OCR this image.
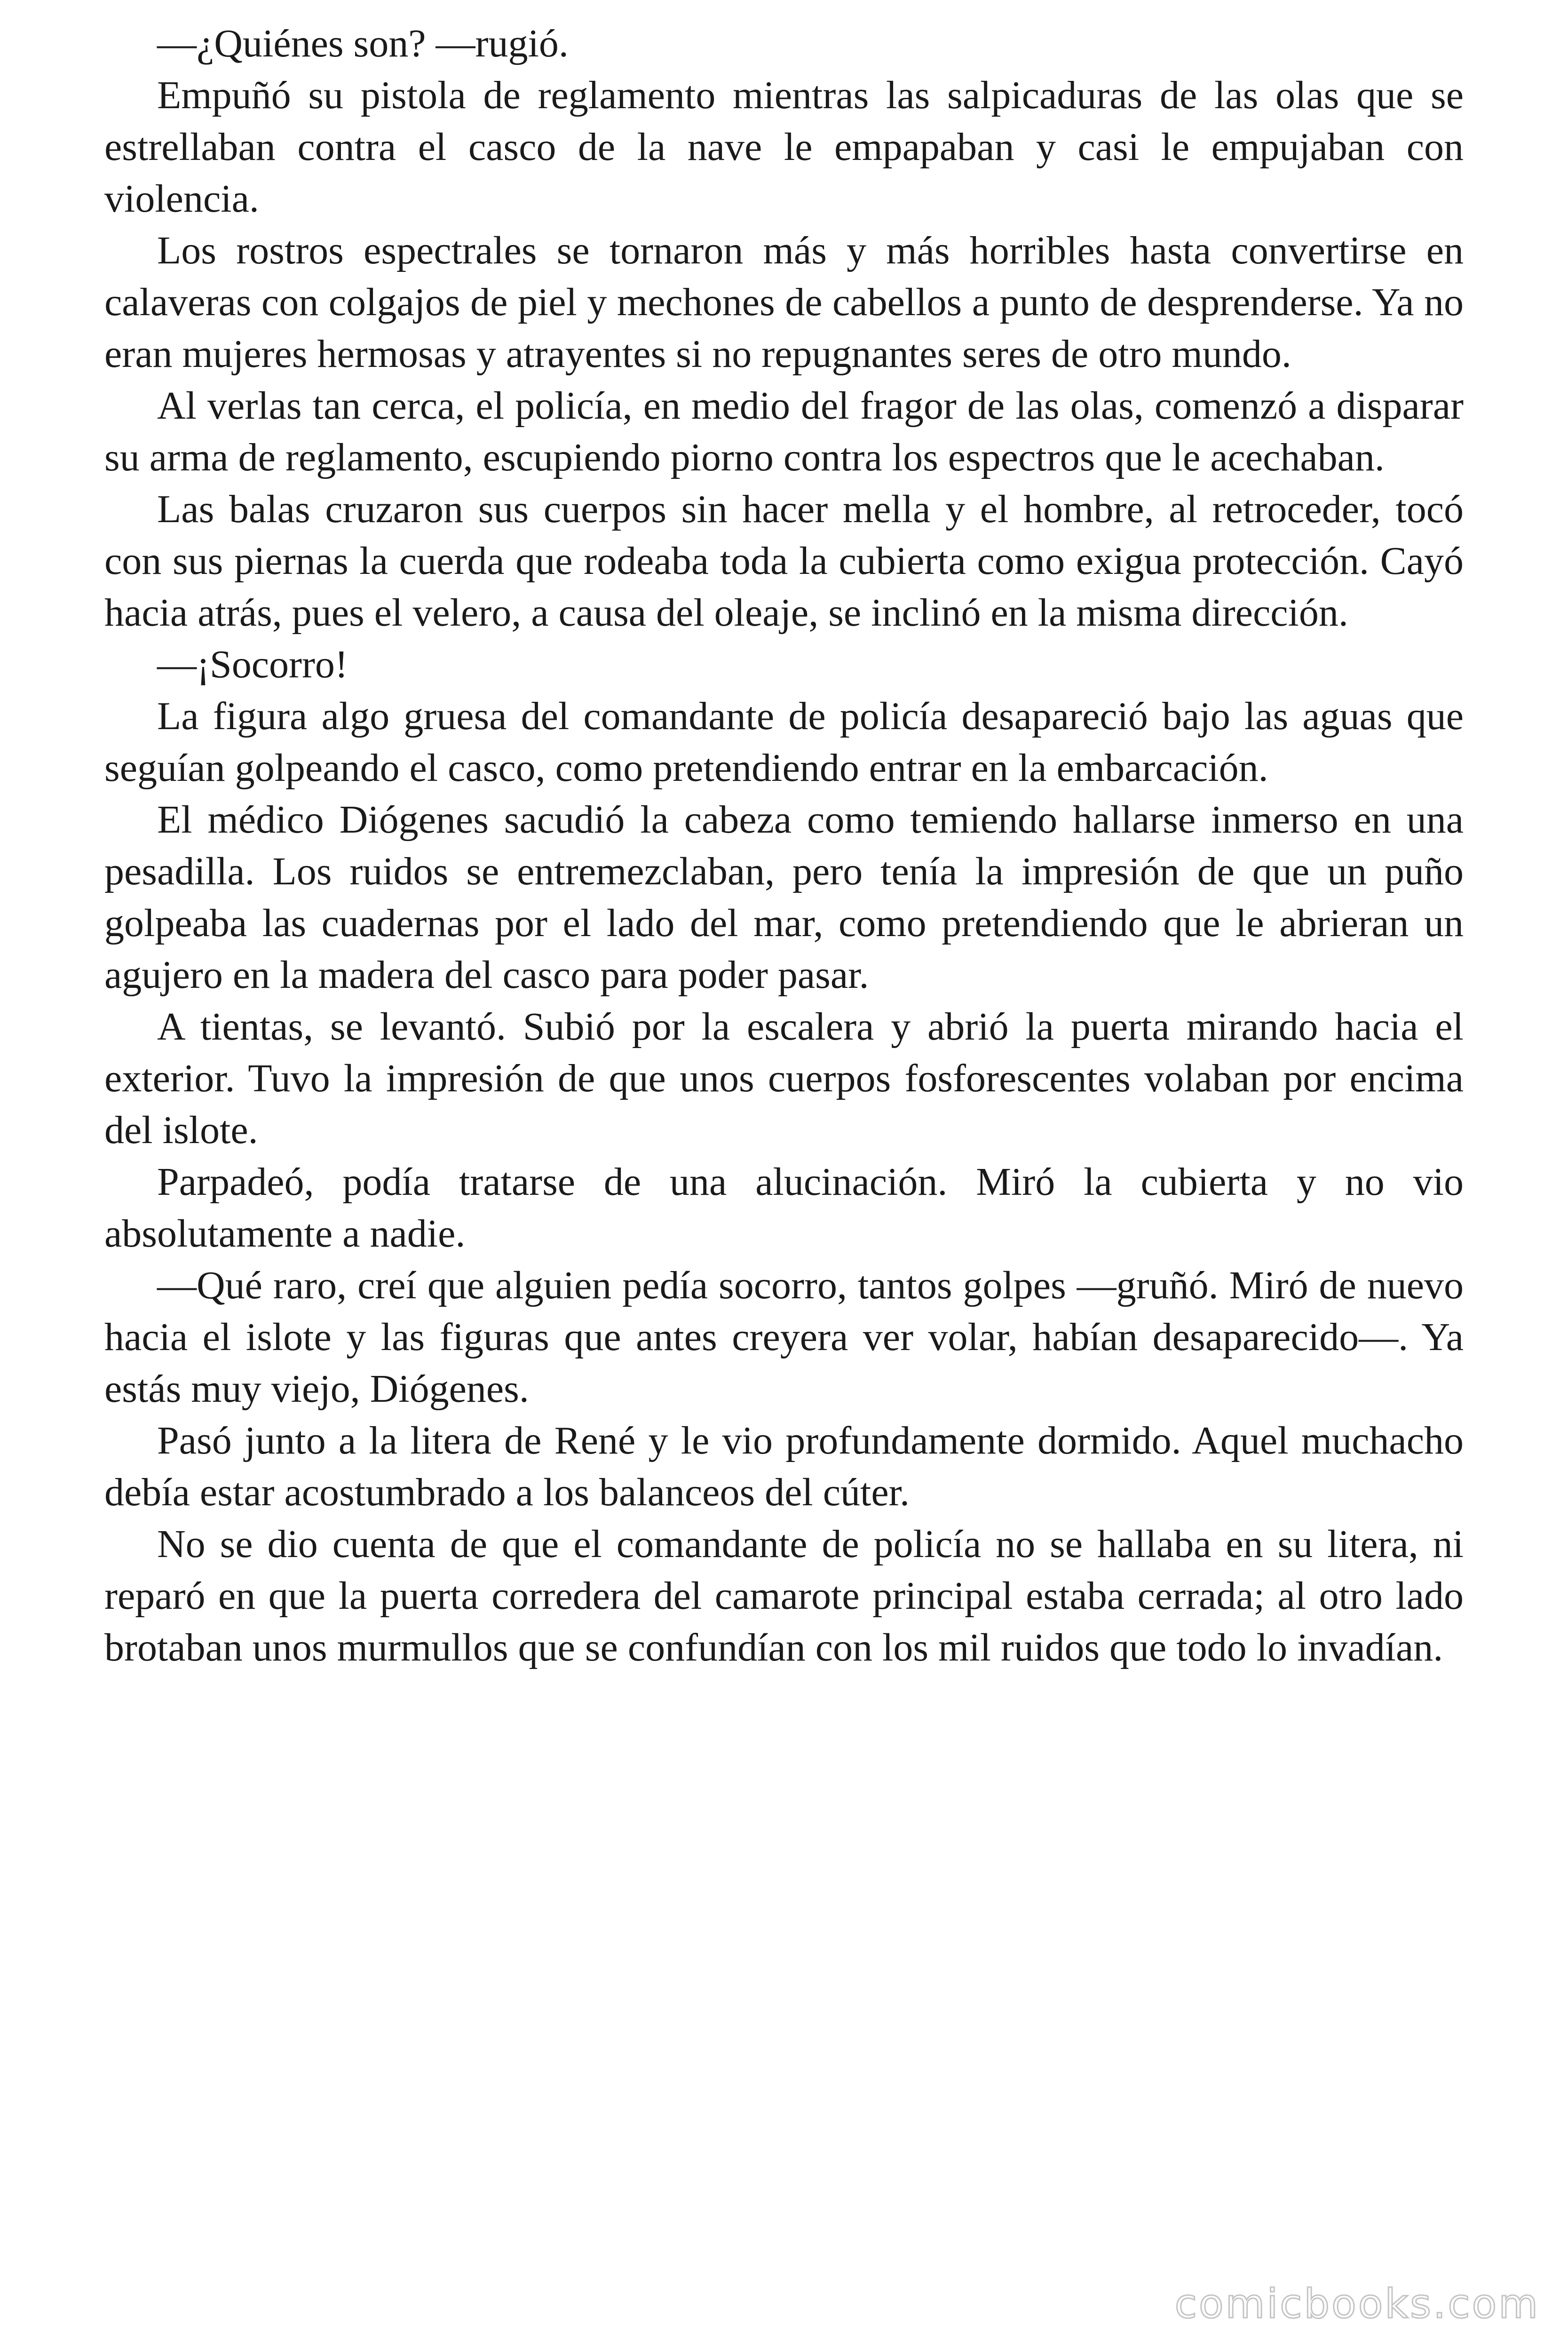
—¿Quiénes son? —rugió.

Empuñó su pistola de reglamento mientras las salpicaduras de las olas que se estrellaban contra el casco de la nave le empapaban y casi le empujaban con violencia.

Los rostros espectrales se tornaron más y más horribles hasta convertirse en calaveras con colgajos de piel y mechones de cabellos a punto de desprenderse. Ya no eran mujeres hermosas y atrayentes si no repugnantes seres de otro mundo.

Al verlas tan cerca, el policía, en medio del fragor de las olas, comenzó a disparar su arma de reglamento, escupiendo piorno contra los espectros que le acechaban.

Las balas cruzaron sus cuerpos sin hacer mella y el hombre, al retroceder, tocó con sus piernas la cuerda que rodeaba toda la cubierta como exigua protección. Cayó hacia atrás, pues el velero, a causa del oleaje, se inclinó en la misma dirección.

—¡Socorro!

La figura algo gruesa del comandante de policía desapareció bajo las aguas que seguían golpeando el casco, como pretendiendo entrar en la embarcación.

El médico Diógenes sacudió la cabeza como temiendo hallarse inmerso en una pesadilla. Los ruidos se entremezclaban, pero tenía la impresión de que un puño golpeaba las cuadernas por el lado del mar, como pretendiendo que le abrieran un agujero en la madera del casco para poder pasar.

A tientas, se levantó. Subió por la escalera y abrió la puerta mirando hacia el exterior. Tuvo la impresión de que unos cuerpos fosforescentes volaban por encima del islote.

Parpadeó, podía tratarse de una alucinación. Miró la cubierta y no vio absolutamente a nadie.

—Qué raro, creí que alguien pedía socorro, tantos golpes —gruñó. Miró de nuevo hacia el islote y las figuras que antes creyera ver volar, habían desaparecido—. Ya estás muy viejo, Diógenes.

Pasó junto a la litera de René y le vio profundamente dormido. Aquel muchacho debía estar acostumbrado a los balanceos del cúter.

No se dio cuenta de que el comandante de policía no se hallaba en su litera, ni reparó en que la puerta corredera del camarote principal estaba cerrada; al otro lado brotaban unos murmullos que se confundían con los mil ruidos que todo lo invadían.

comicbooks.com
